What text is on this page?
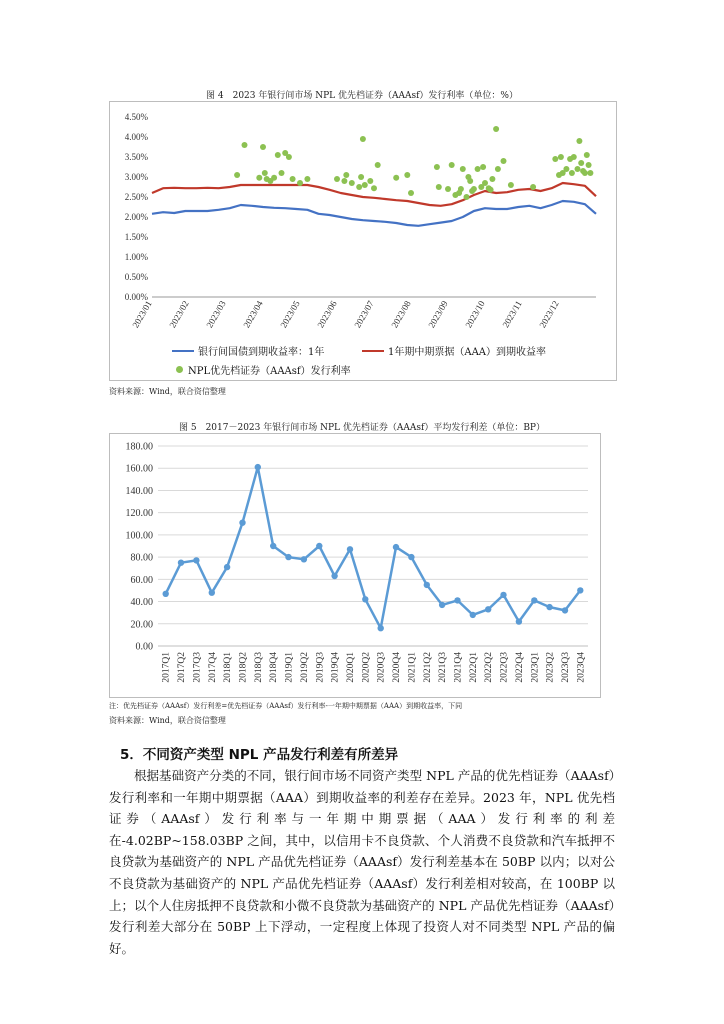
图 4　2023 年银行间市场 NPL 优先档证券（AAAsf）发行利率（单位：%）
0.00%
0.50%
1.00%
1.50%
2.00%
2.50%
3.00%
3.50%
4.00%
4.50%
2023/01 2023/02 2023/03 2023/04 2023/05 2023/06 2023/07 2023/08 2023/09 2023/10 2023/11 2023/12
银行间国债到期收益率：1年	1年期中期票据（AAA）到期收益率
NPL优先档证券（AAAsf）发行利率
资料来源：Wind，联合资信整理
图 5　2017－2023 年银行间市场 NPL 优先档证券（AAAsf）平均发行利差（单位：BP）
0.00
20.00
40.00
60.00
80.00
100.00
120.00
140.00
160.00
180.00
2017Q1 2017Q2 2017Q3 2017Q4 2018Q1 2018Q2 2018Q3 2018Q4 2019Q1 2019Q2 2019Q3 2019Q4 2020Q1 2020Q2 2020Q3 2020Q4 2021Q1 2021Q2 2021Q3 2021Q4 2022Q1 2022Q2 2022Q3 2022Q4 2023Q1 2023Q2 2023Q3 2023Q4
注：优先档证券（AAAsf）发行利差=优先档证券（AAAsf）发行利率-一年期中期票据（AAA）到期收益率，下同
资料来源：Wind，联合资信整理
5．不同资产类型 NPL 产品发行利差有所差异
根据基础资产分类的不同，银行间市场不同资产类型 NPL 产品的优先档证券（AAAsf）发行利率和一年期中期票据（AAA）到期收益率的利差存在差异。2023 年，NPL 优先档证券（AAAsf）发行利率与一年期中期票据（AAA）发行利率的利差在-4.02BP~158.03BP 之间，其中，以信用卡不良贷款、个人消费不良贷款和汽车抵押不良贷款为基础资产的 NPL 产品优先档证券（AAAsf）发行利差基本在 50BP 以内；以对公不良贷款为基础资产的 NPL 产品优先档证券（AAAsf）发行利差相对较高，在 100BP 以上；以个人住房抵押不良贷款和小微不良贷款为基础资产的 NPL 产品优先档证券（AAAsf）发行利差大部分在 50BP 上下浮动，一定程度上体现了投资人对不同类型 NPL 产品的偏好。
